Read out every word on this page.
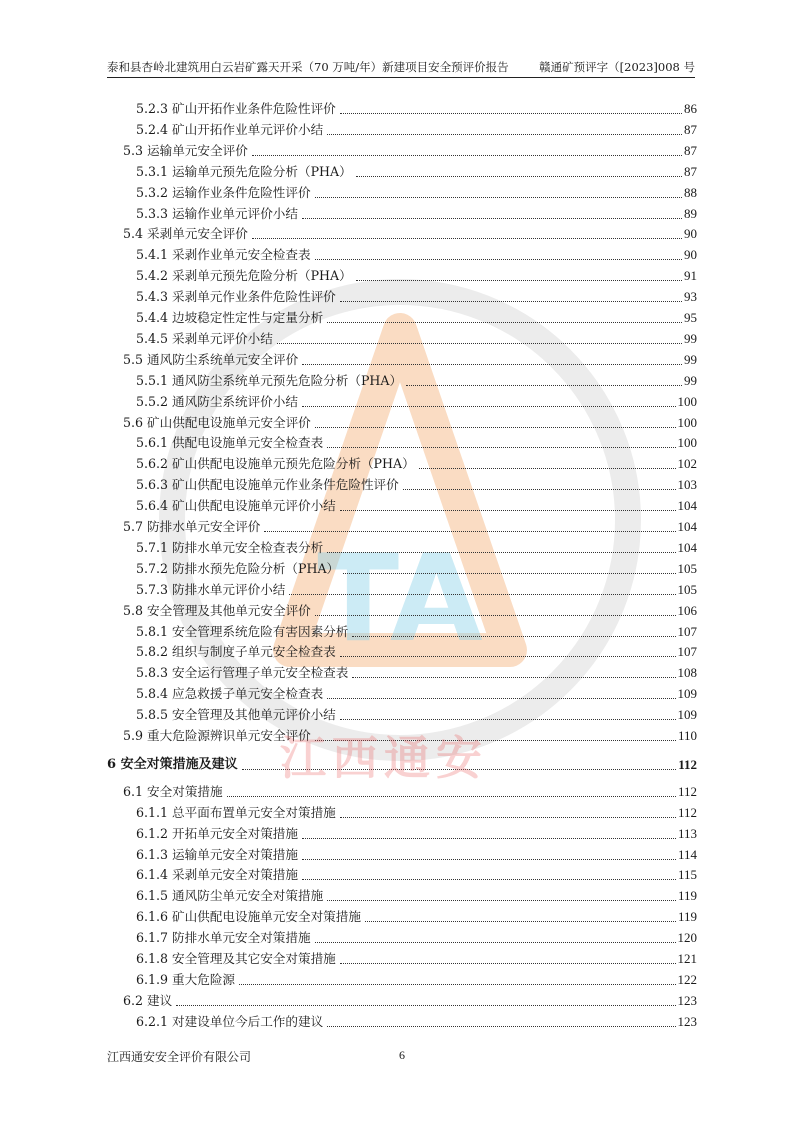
泰和县杏岭北建筑用白云岩矿露天开采（70 万吨/年）新建项目安全预评价报告	赣通矿预评字（[2023]008 号
TA
5.2.3 矿山开拓作业条件危险性评价	86
5.2.4 矿山开拓作业单元评价小结	87
5.3 运输单元安全评价	87
5.3.1 运输单元预先危险分析（PHA）	87
5.3.2 运输作业条件危险性评价	88
5.3.3 运输作业单元评价小结	89
5.4 采剥单元安全评价	90
5.4.1 采剥作业单元安全检查表	90
5.4.2 采剥单元预先危险分析（PHA）	91
5.4.3 采剥单元作业条件危险性评价	93
5.4.4 边坡稳定性定性与定量分析	95
5.4.5 采剥单元评价小结	99
5.5 通风防尘系统单元安全评价	99
5.5.1 通风防尘系统单元预先危险分析（PHA）	99
5.5.2 通风防尘系统评价小结	100
5.6 矿山供配电设施单元安全评价	100
5.6.1 供配电设施单元安全检查表	100
5.6.2 矿山供配电设施单元预先危险分析（PHA）	102
5.6.3 矿山供配电设施单元作业条件危险性评价	103
5.6.4 矿山供配电设施单元评价小结	104
5.7 防排水单元安全评价	104
5.7.1 防排水单元安全检查表分析	104
5.7.2 防排水预先危险分析（PHA）	105
5.7.3 防排水单元评价小结	105
5.8 安全管理及其他单元安全评价	106
5.8.1 安全管理系统危险有害因素分析	107
5.8.2 组织与制度子单元安全检查表	107
5.8.3 安全运行管理子单元安全检查表	108
5.8.4 应急救援子单元安全检查表	109
5.8.5 安全管理及其他单元评价小结	109
5.9 重大危险源辨识单元安全评价	110
6 安全对策措施及建议	112
6.1 安全对策措施	112
6.1.1 总平面布置单元安全对策措施	112
6.1.2 开拓单元安全对策措施	113
6.1.3 运输单元安全对策措施	114
6.1.4 采剥单元安全对策措施	115
6.1.5 通风防尘单元安全对策措施	119
6.1.6 矿山供配电设施单元安全对策措施	119
6.1.7 防排水单元安全对策措施	120
6.1.8 安全管理及其它安全对策措施	121
6.1.9 重大危险源	122
6.2 建议	123
6.2.1 对建设单位今后工作的建议	123
江西通安
江西通安安全评价有限公司	6
